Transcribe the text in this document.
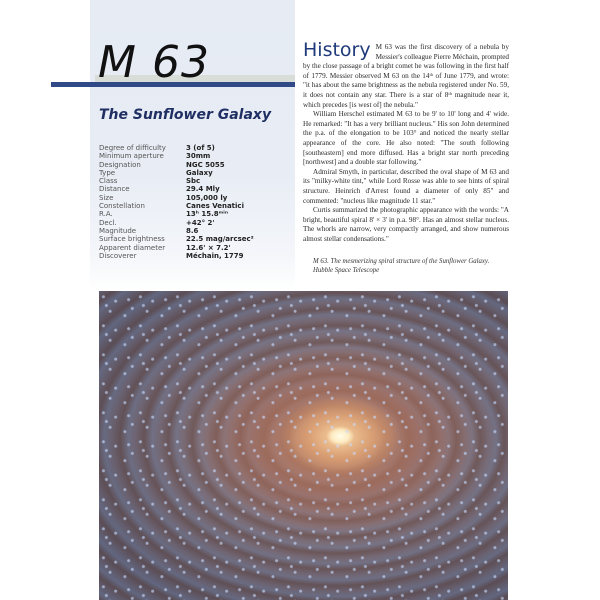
M 63
The Sunflower Galaxy
Degree of difficulty	3 (of 5)
Minimum aperture	30mm
Designation	NGC 5055
Type	Galaxy
Class	Sbc
Distance	29.4 Mly
Size	105,000 ly
Constellation	Canes Venatici
R.A.	13ʰ 15.8ᵐⁱⁿ
Decl.	+42° 2'
Magnitude	8.6
Surface brightness	22.5 mag/arcsec²
Apparent diameter	12.6' × 7.2'
Discoverer	Méchain, 1779
History M 63 was the first discovery of a nebula by Messier's colleague Pierre Méchain, prompted by the close passage of a bright comet he was following in the first half of 1779. Messier observed M 63 on the 14ᵗʰ of June 1779, and wrote: "it has about the same brightness as the nebula registered under No. 59, it does not contain any star. There is a star of 8ᵗʰ magnitude near it, which precedes [is west of] the nebula."

William Herschel estimated M 63 to be 9' to 10' long and 4' wide. He remarked: "It has a very brilliant nucleus." His son John determined the p.a. of the elongation to be 103° and noticed the nearly stellar appearance of the core. He also noted: "The south following [southeastern] end more diffused. Has a bright star north preceding [northwest] and a double star following."

Admiral Smyth, in particular, described the oval shape of M 63 and its "milky-white tint," while Lord Rosse was able to see hints of spiral structure. Heinrich d'Arrest found a diameter of only 85" and commented: "nucleus like magnitude 11 star."

Curtis summarized the photographic appearance with the words: "A bright, beautiful spiral 8' × 3' in p.a. 98°. Has an almost stellar nucleus. The whorls are narrow, very compactly arranged, and show numerous almost stellar condensations."

M 63. The mesmerizing spiral structure of the Sunflower Galaxy.
Hubble Space Telescope
